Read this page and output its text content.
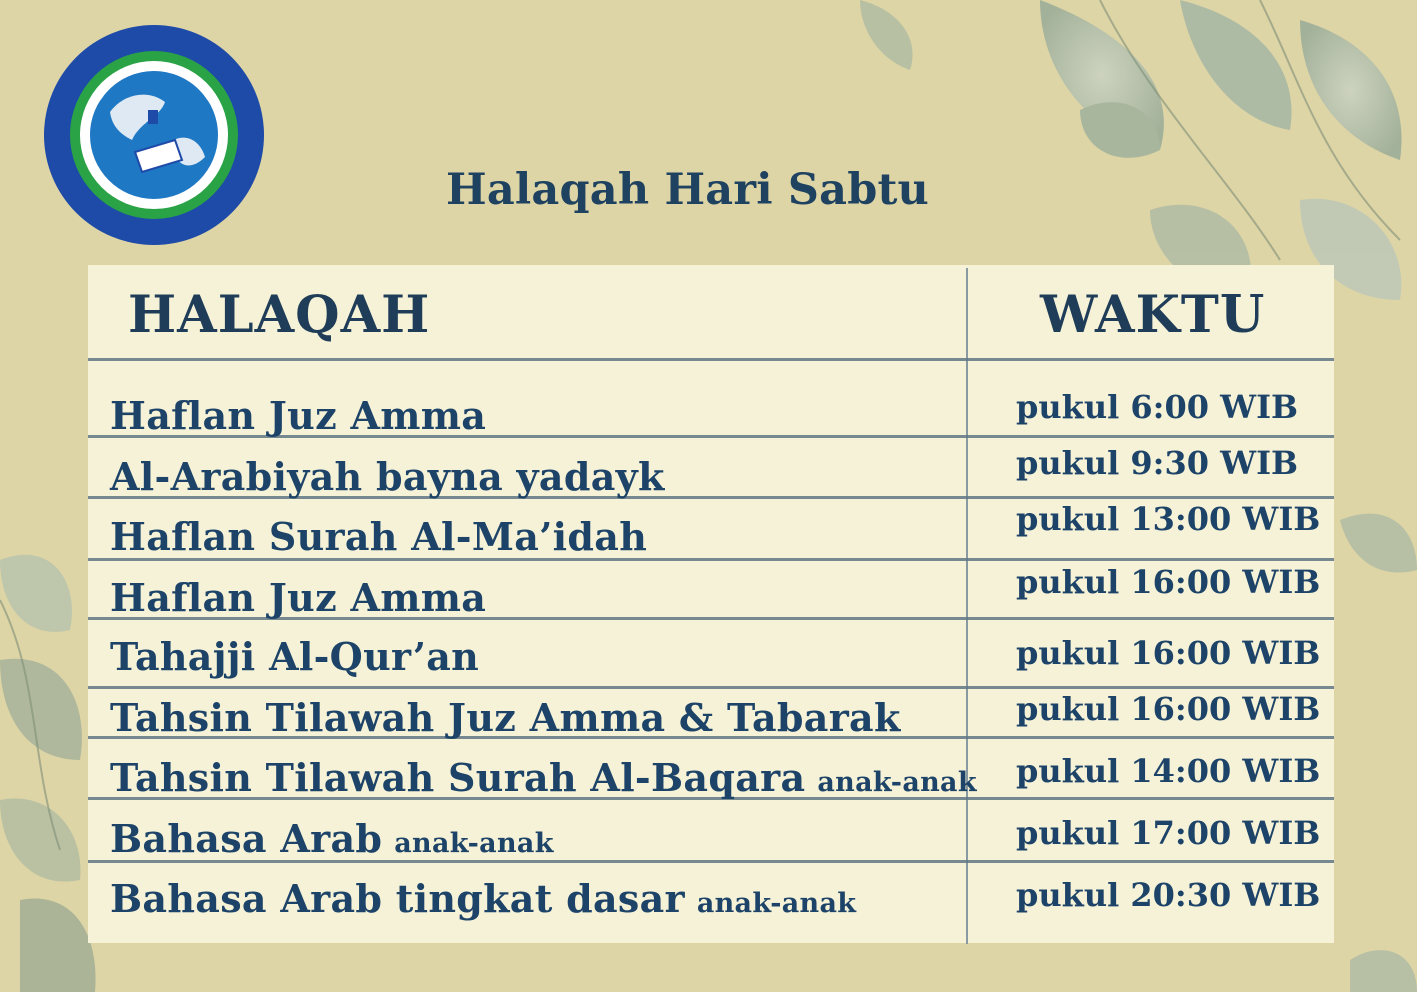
Halaqah Hari Sabtu
HALAQAH	WAKTU
Haflan Juz Amma	pukul 6:00 WIB
Al-Arabiyah bayna yadayk	pukul 9:30 WIB
Haflan Surah Al-Ma’idah	pukul 13:00 WIB
Haflan Juz Amma	pukul 16:00 WIB
Tahajji Al-Qur’an	pukul 16:00 WIB
Tahsin Tilawah Juz Amma & Tabarak	pukul 16:00 WIB
Tahsin Tilawah Surah Al-Baqara anak-anak pukul 14:00 WIB
Bahasa Arab anak-anak	pukul 17:00 WIB
Bahasa Arab tingkat dasar anak-anak	pukul 20:30 WIB
